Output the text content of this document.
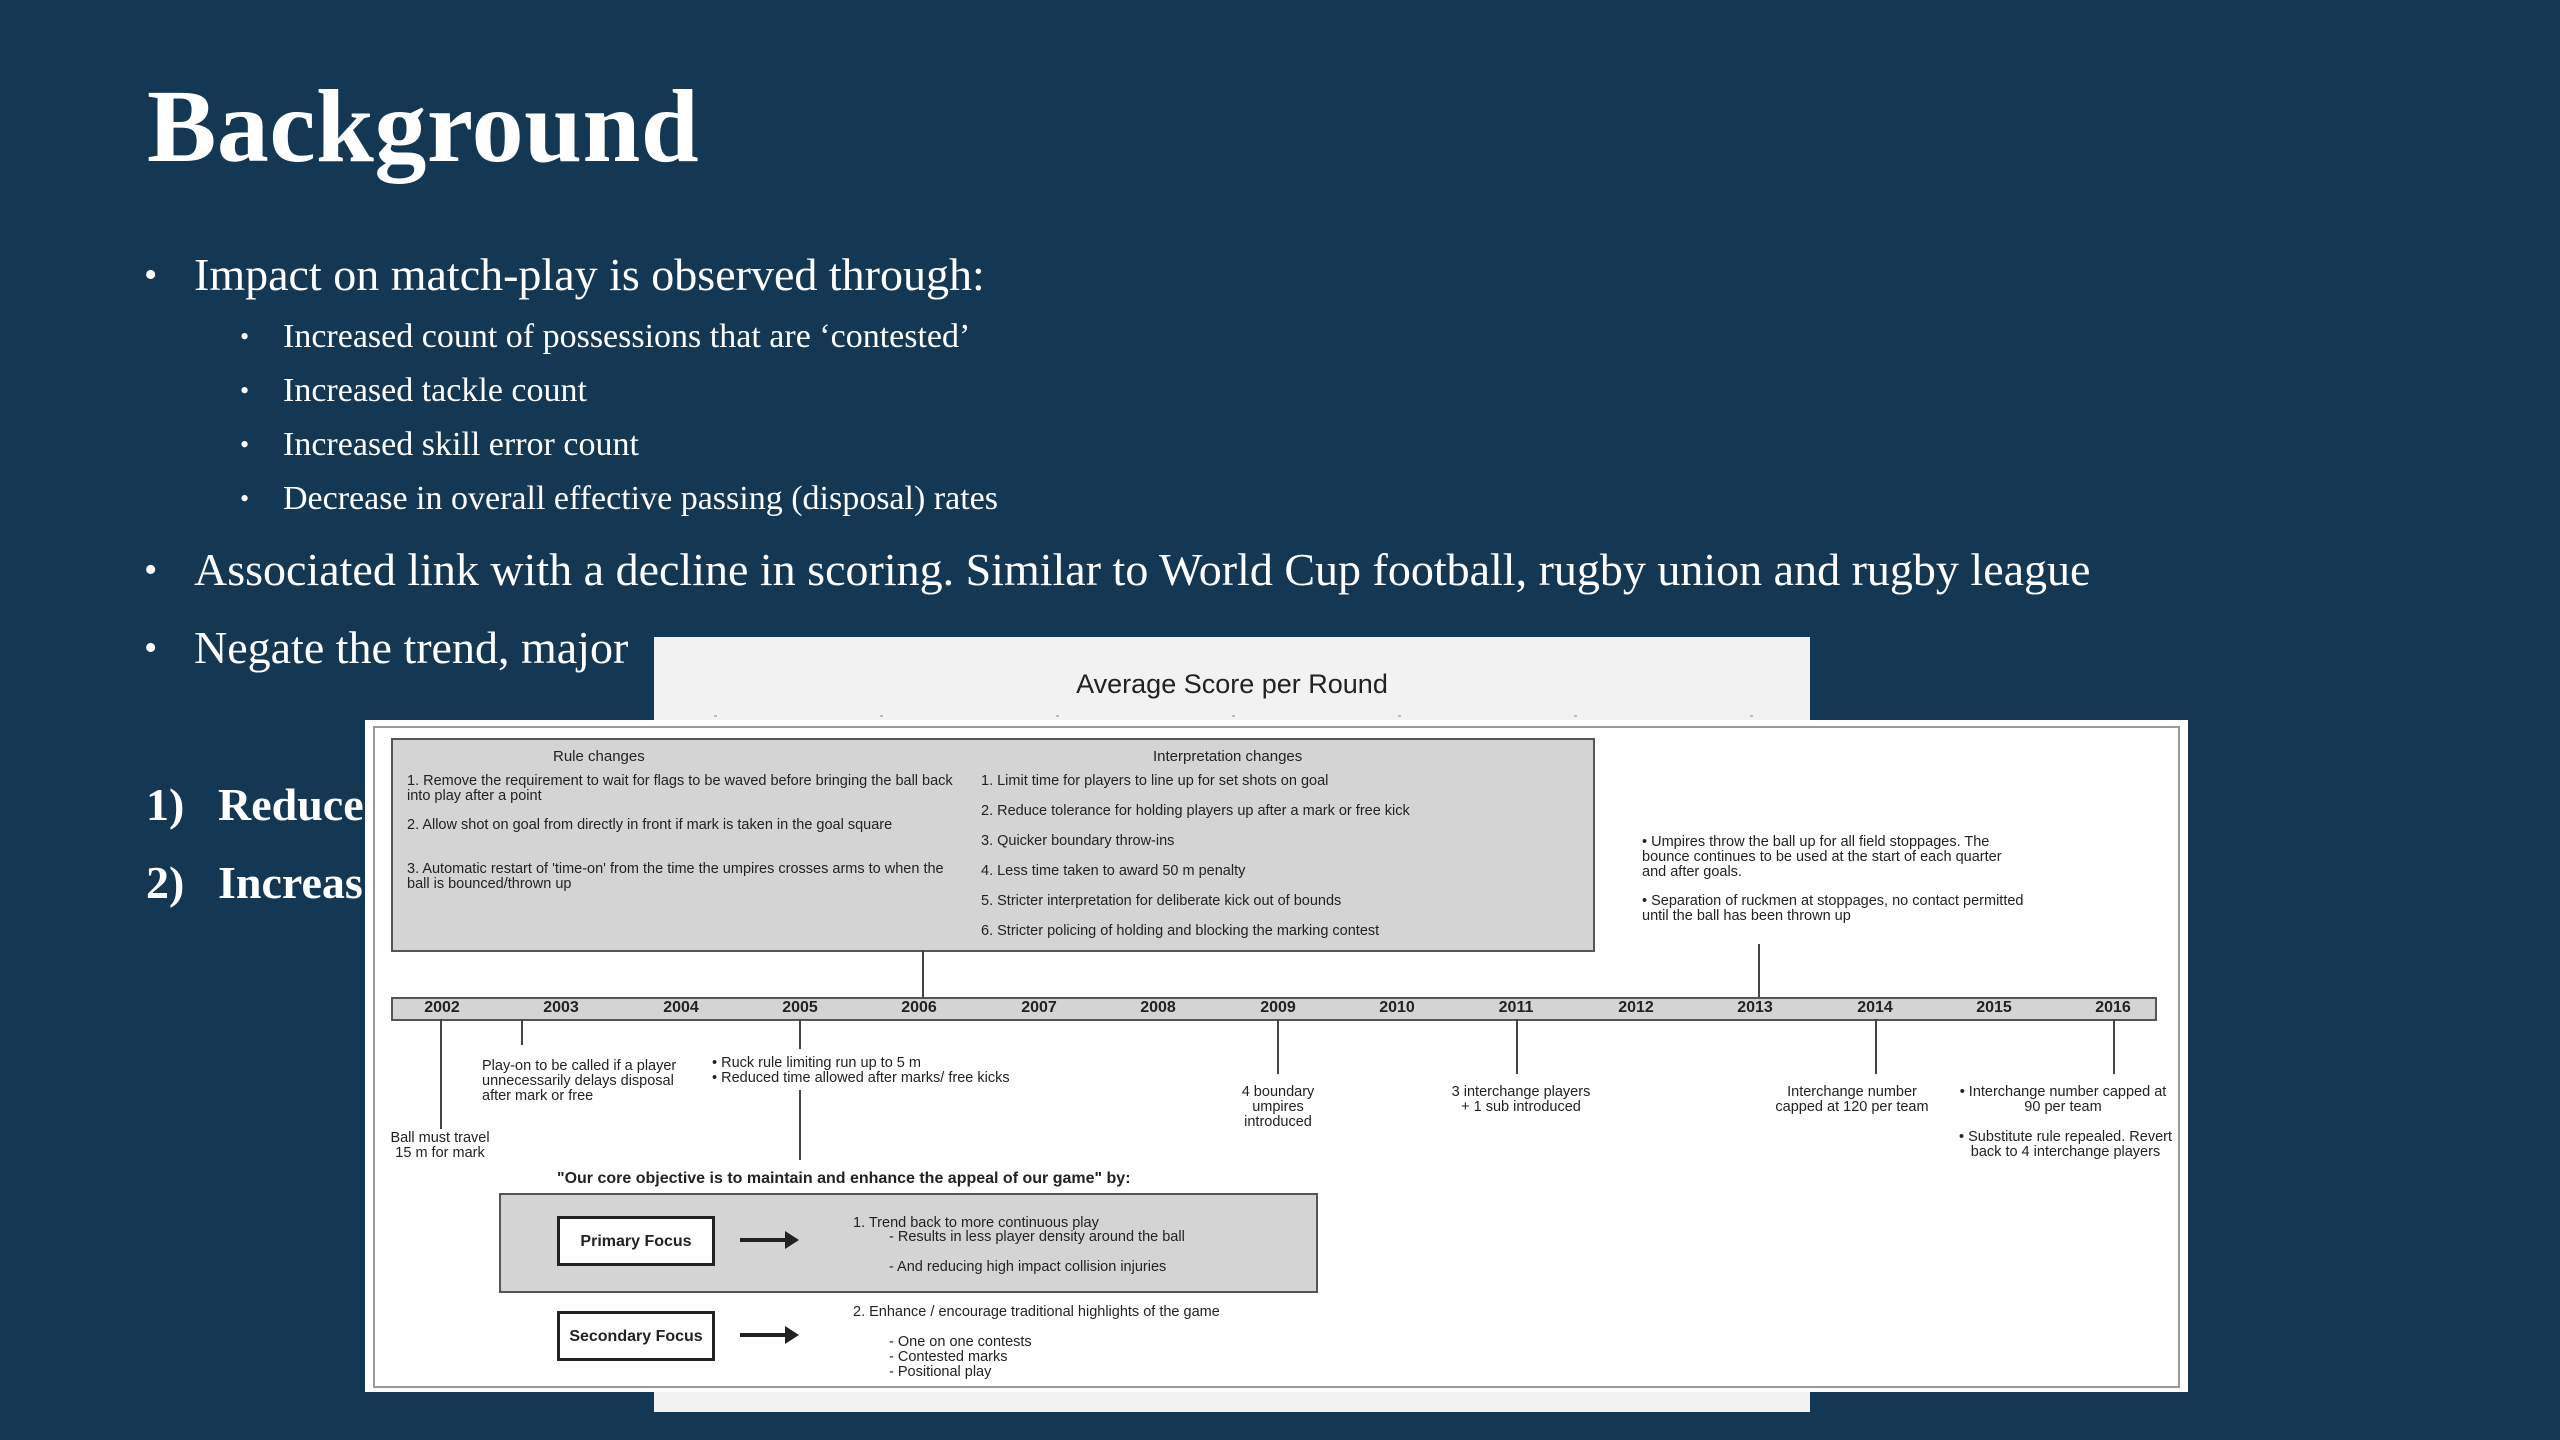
Background
• Impact on match-play is observed through:
• Increased count of possessions that are ‘contested’
• Increased tackle count
• Increased skill error count
• Decrease in overall effective passing (disposal) rates
• Associated link with a decline in scoring. Similar to World Cup football, rugby union and rugby league
• Negate the trend, major
1) Reduce
2) Increas
Average Score per Round
Rule changes	Interpretation changes
1. Remove the requirement to wait for flags to be waved before bringing the ball back into play after a point
2. Allow shot on goal from directly in front if mark is taken in the goal square
3. Automatic restart of 'time-on' from the time the umpires crosses arms to when the ball is bounced/thrown up
1. Limit time for players to line up for set shots on goal
2. Reduce tolerance for holding players up after a mark or free kick
3. Quicker boundary throw-ins
4. Less time taken to award 50 m penalty
5. Stricter interpretation for deliberate kick out of bounds
6. Stricter policing of holding and blocking the marking contest
• Umpires throw the ball up for all field stoppages. The bounce continues to be used at the start of each quarter and after goals.
• Separation of ruckmen at stoppages, no contact permitted until the ball has been thrown up
2002	2003	2004	2005	2006	2007	2008	2009	2010	2011	2012	2013	2014	2015	2016
Ball must travel 15 m for mark
Play-on to be called if a player unnecessarily delays disposal after mark or free
• Ruck rule limiting run up to 5 m
• Reduced time allowed after marks/ free kicks
4 boundary umpires introduced
3 interchange players + 1 sub introduced
Interchange number capped at 120 per team
• Interchange number capped at 90 per team
• Substitute rule repealed. Revert back to 4 interchange players
"Our core objective is to maintain and enhance the appeal of our game" by:
Primary Focus
1. Trend back to more continuous play
- Results in less player density around the ball
- And reducing high impact collision injuries
Secondary Focus
2. Enhance / encourage traditional highlights of the game
- One on one contests
- Contested marks
- Positional play
